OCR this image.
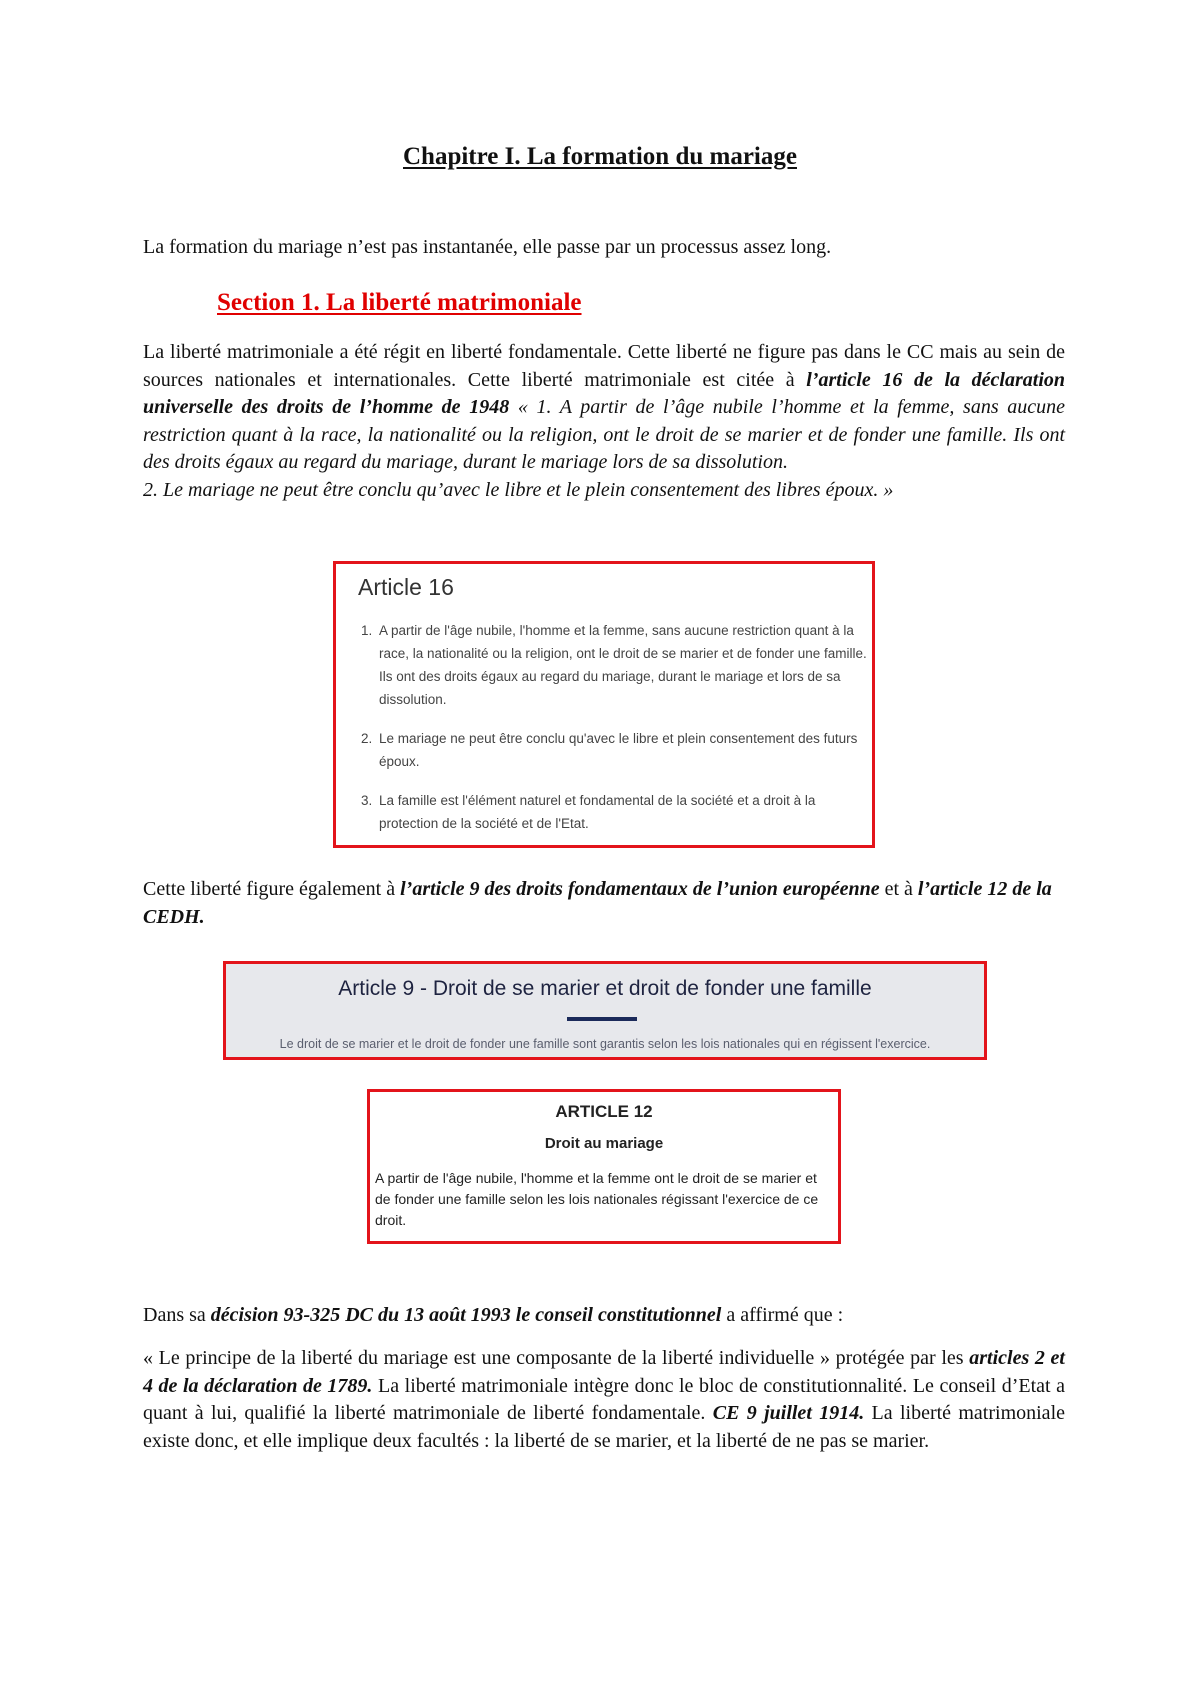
Chapitre I. La formation du mariage

La formation du mariage n’est pas instantanée, elle passe par un processus assez long.

Section 1. La liberté matrimoniale

La liberté matrimoniale a été régit en liberté fondamentale. Cette liberté ne figure pas dans le CC mais au sein de sources nationales et internationales. Cette liberté matrimoniale est citée à l’article 16 de la déclaration universelle des droits de l’homme de 1948 « 1. A partir de l’âge nubile l’homme et la femme, sans aucune restriction quant à la race, la nationalité ou la religion, ont le droit de se marier et de fonder une famille. Ils ont des droits égaux au regard du mariage, durant le mariage lors de sa dissolution.
2. Le mariage ne peut être conclu qu’avec le libre et le plein consentement des libres époux. »

Article 16
1. A partir de l'âge nubile, l'homme et la femme, sans aucune restriction quant à la race, la nationalité ou la religion, ont le droit de se marier et de fonder une famille. Ils ont des droits égaux au regard du mariage, durant le mariage et lors de sa dissolution.
2. Le mariage ne peut être conclu qu'avec le libre et plein consentement des futurs époux.
3. La famille est l'élément naturel et fondamental de la société et a droit à la protection de la société et de l'Etat.

Cette liberté figure également à l’article 9 des droits fondamentaux de l’union européenne et à l’article 12 de la CEDH.

Article 9 - Droit de se marier et droit de fonder une famille
Le droit de se marier et le droit de fonder une famille sont garantis selon les lois nationales qui en régissent l'exercice.
ARTICLE 12
Droit au mariage
A partir de l'âge nubile, l'homme et la femme ont le droit de se marier et de fonder une famille selon les lois nationales régissant l'exercice de ce droit.

Dans sa décision 93-325 DC du 13 août 1993 le conseil constitutionnel a affirmé que :

« Le principe de la liberté du mariage est une composante de la liberté individuelle » protégée par les articles 2 et 4 de la déclaration de 1789. La liberté matrimoniale intègre donc le bloc de constitutionnalité. Le conseil d’Etat a quant à lui, qualifié la liberté matrimoniale de liberté fondamentale. CE 9 juillet 1914. La liberté matrimoniale existe donc, et elle implique deux facultés : la liberté de se marier, et la liberté de ne pas se marier.
